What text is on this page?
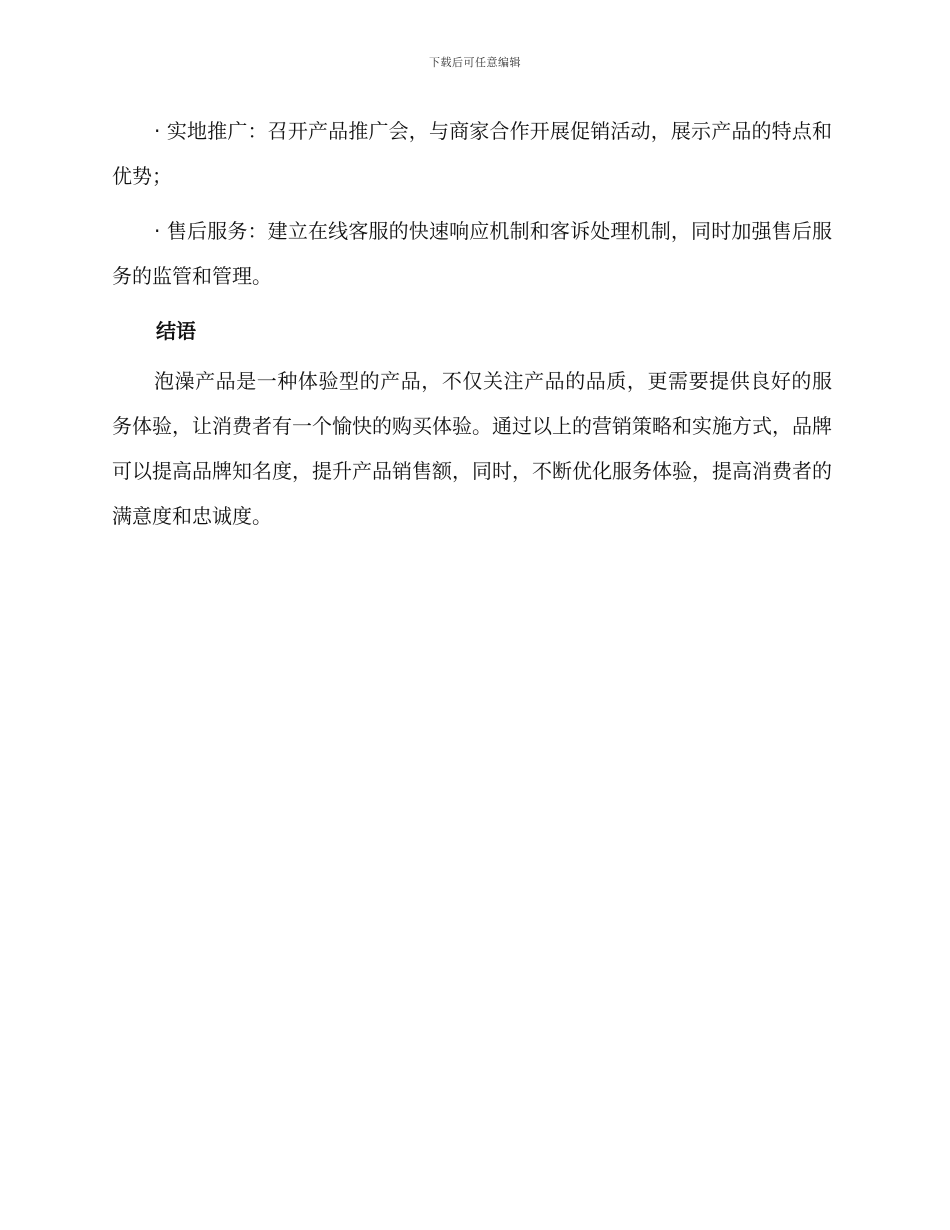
下载后可任意编辑

· 实地推广：召开产品推广会，与商家合作开展促销活动，展示产品的特点和优势；

· 售后服务：建立在线客服的快速响应机制和客诉处理机制，同时加强售后服务的监管和管理。

结语

泡澡产品是一种体验型的产品，不仅关注产品的品质，更需要提供良好的服务体验，让消费者有一个愉快的购买体验。通过以上的营销策略和实施方式，品牌可以提高品牌知名度，提升产品销售额，同时，不断优化服务体验，提高消费者的满意度和忠诚度。
